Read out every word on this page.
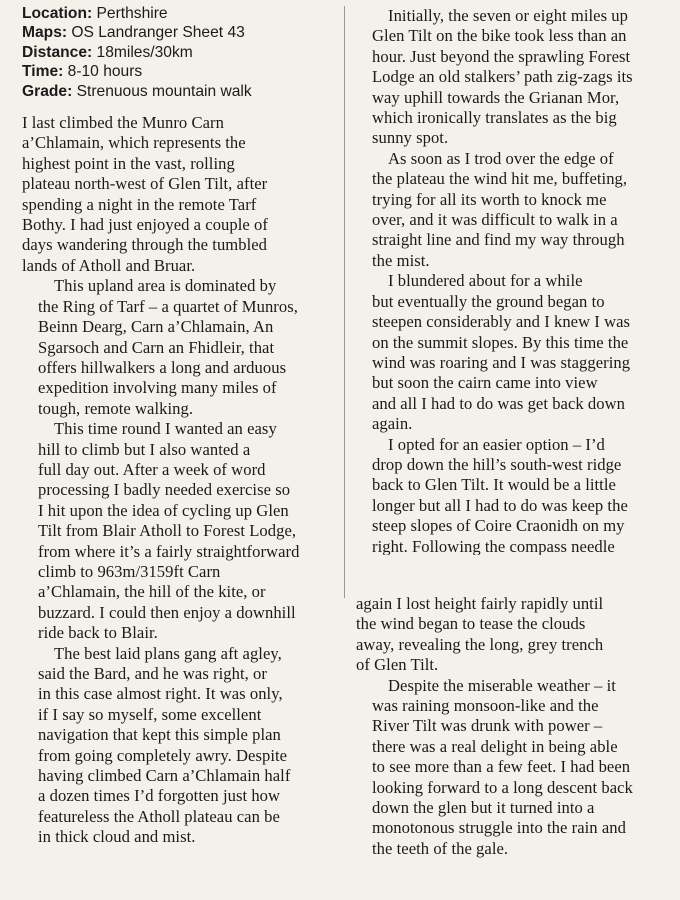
Location: Perthshire
Maps: OS Landranger Sheet 43
Distance: 18miles/30km
Time: 8-10 hours
Grade: Strenuous mountain walk
I last climbed the Munro Carn
a’Chlamain, which represents the
highest point in the vast, rolling
plateau north-west of Glen Tilt, after
spending a night in the remote Tarf
Bothy. I had just enjoyed a couple of
days wandering through the tumbled
lands of Atholl and Bruar.
This upland area is dominated by
the Ring of Tarf – a quartet of Munros,
Beinn Dearg, Carn a’Chlamain, An
Sgarsoch and Carn an Fhidleir, that
offers hillwalkers a long and arduous
expedition involving many miles of
tough, remote walking.
This time round I wanted an easy
hill to climb but I also wanted a
full day out. After a week of word
processing I badly needed exercise so
I hit upon the idea of cycling up Glen
Tilt from Blair Atholl to Forest Lodge,
from where it’s a fairly straightforward
climb to 963m/3159ft Carn
a’Chlamain, the hill of the kite, or
buzzard. I could then enjoy a downhill
ride back to Blair.
The best laid plans gang aft agley,
said the Bard, and he was right, or
in this case almost right. It was only,
if I say so myself, some excellent
navigation that kept this simple plan
from going completely awry. Despite
having climbed Carn a’Chlamain half
a dozen times I’d forgotten just how
featureless the Atholl plateau can be
in thick cloud and mist.
Initially, the seven or eight miles up
Glen Tilt on the bike took less than an
hour. Just beyond the sprawling Forest
Lodge an old stalkers’ path zig-zags its
way uphill towards the Grianan Mor,
which ironically translates as the big
sunny spot.
As soon as I trod over the edge of
the plateau the wind hit me, buffeting,
trying for all its worth to knock me
over, and it was difficult to walk in a
straight line and find my way through
the mist.
I blundered about for a while
but eventually the ground began to
steepen considerably and I knew I was
on the summit slopes. By this time the
wind was roaring and I was staggering
but soon the cairn came into view
and all I had to do was get back down
again.
I opted for an easier option – I’d
drop down the hill’s south-west ridge
back to Glen Tilt. It would be a little
longer but all I had to do was keep the
steep slopes of Coire Craonidh on my
right. Following the compass needle
again I lost height fairly rapidly until
the wind began to tease the clouds
away, revealing the long, grey trench
of Glen Tilt.
Despite the miserable weather – it
was raining monsoon-like and the
River Tilt was drunk with power –
there was a real delight in being able
to see more than a few feet. I had been
looking forward to a long descent back
down the glen but it turned into a
monotonous struggle into the rain and
the teeth of the gale.
